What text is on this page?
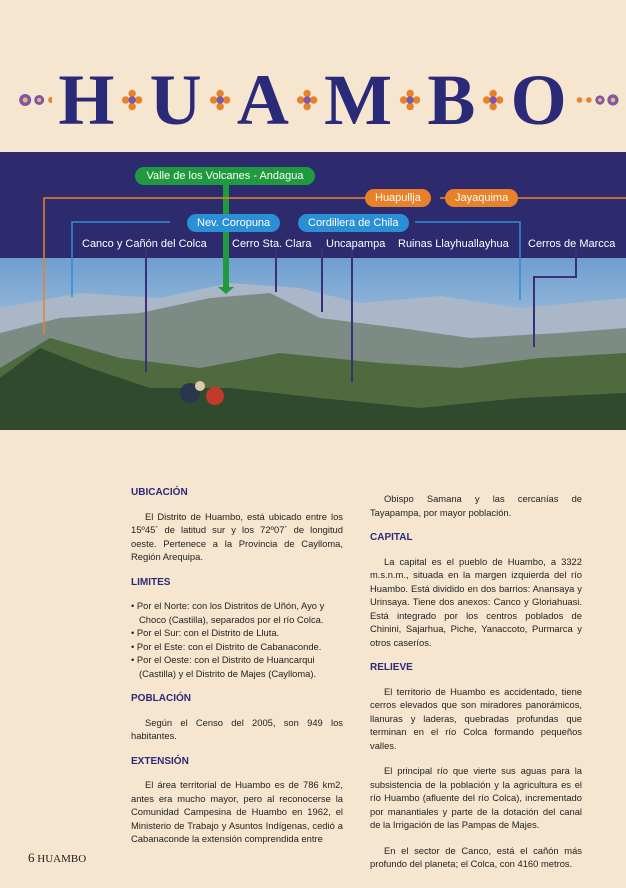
H U A M B O
Valle de los Volcanes - Andagua
Huapullja	Jayaquima
Nev. Coropuna	Cordillera de Chila
Canco y Cañón del Colca Cerro Sta. Clara Uncapampa Ruinas Llayhuallayhua Cerros de Marcca
UBICACIÓN

El Distrito de Huambo, está ubicado entre los 15º45´ de latitud sur y los 72º07´ de longitud oeste. Pertenece a la Provincia de Caylloma, Región Arequipa.

LIMITES
• Por el Norte: con los Distritos de Uñón, Ayo y Choco (Castilla), separados por el río Colca.
• Por el Sur: con el Distrito de Lluta.
• Por el Este: con el Distrito de Cabanaconde.
• Por el Oeste: con el Distrito de Huancarqui (Castilla) y el Distrito de Majes (Caylloma).
POBLACIÓN

Según el Censo del 2005, son 949 los habitantes.

EXTENSIÓN

El área territorial de Huambo es de 786 km2, antes era mucho mayor, pero al reconocerse la Comunidad Campesina de Huambo en 1962, el Ministerio de Trabajo y Asuntos Indígenas, cedió a Cabanaconde la extensión comprendida entre

Obispo Samana y las cercanías de Tayapampa, por mayor población.

CAPITAL

La capital es el pueblo de Huambo, a 3322 m.s.n.m., situada en la margen izquierda del río Huambo. Está dividido en dos barrios: Anansaya y Urinsaya. Tiene dos anexos: Canco y Gloriahuasi. Está integrado por los centros poblados de Chinini, Sajarhua, Piche, Yanaccoto, Purmarca y otros caseríos.

RELIEVE

El territorio de Huambo es accidentado, tiene cerros elevados que son miradores panorámicos, llanuras y laderas, quebradas profundas que terminan en el río Colca formando pequeños valles.

El principal río que vierte sus aguas para la subsistencia de la población y la agricultura es el río Huambo (afluente del río Colca), incrementado por manantiales y parte de la dotación del canal de la Irrigación de las Pampas de Majes.

En el sector de Canco, está el cañón más profundo del planeta; el Colca, con 4160 metros.

6 HUAMBO
